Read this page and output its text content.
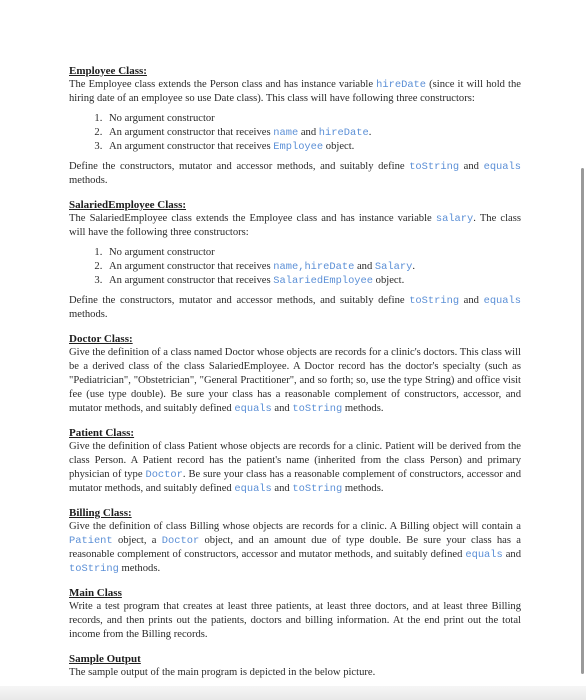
Employee Class:
The Employee class extends the Person class and has instance variable hireDate (since it will hold the hiring date of an employee so use Date class). This class will have following three constructors:
1. No argument constructor
2. An argument constructor that receives name and hireDate.
3. An argument constructor that receives Employee object.
Define the constructors, mutator and accessor methods, and suitably define toString and equals methods.
SalariedEmployee Class:
The SalariedEmployee class extends the Employee class and has instance variable salary. The class will have the following three constructors:
1. No argument constructor
2. An argument constructor that receives name,hireDate and Salary.
3. An argument constructor that receives SalariedEmployee object.
Define the constructors, mutator and accessor methods, and suitably define toString and equals methods.
Doctor Class:
Give the definition of a class named Doctor whose objects are records for a clinic's doctors. This class will be a derived class of the class SalariedEmployee. A Doctor record has the doctor's specialty (such as "Pediatrician", "Obstetrician", "General Practitioner", and so forth; so, use the type String) and office visit fee (use type double). Be sure your class has a reasonable complement of constructors, accessor, and mutator methods, and suitably defined equals and toString methods.
Patient Class:
Give the definition of class Patient whose objects are records for a clinic. Patient will be derived from the class Person. A Patient record has the patient's name (inherited from the class Person) and primary physician of type Doctor. Be sure your class has a reasonable complement of constructors, accessor and mutator methods, and suitably defined equals and toString methods.
Billing Class:
Give the definition of class Billing whose objects are records for a clinic. A Billing object will contain a Patient object, a Doctor object, and an amount due of type double. Be sure your class has a reasonable complement of constructors, accessor and mutator methods, and suitably defined equals and toString methods.
Main Class
Write a test program that creates at least three patients, at least three doctors, and at least three Billing records, and then prints out the patients, doctors and billing information. At the end print out the total income from the Billing records.
Sample Output
The sample output of the main program is depicted in the below picture.
